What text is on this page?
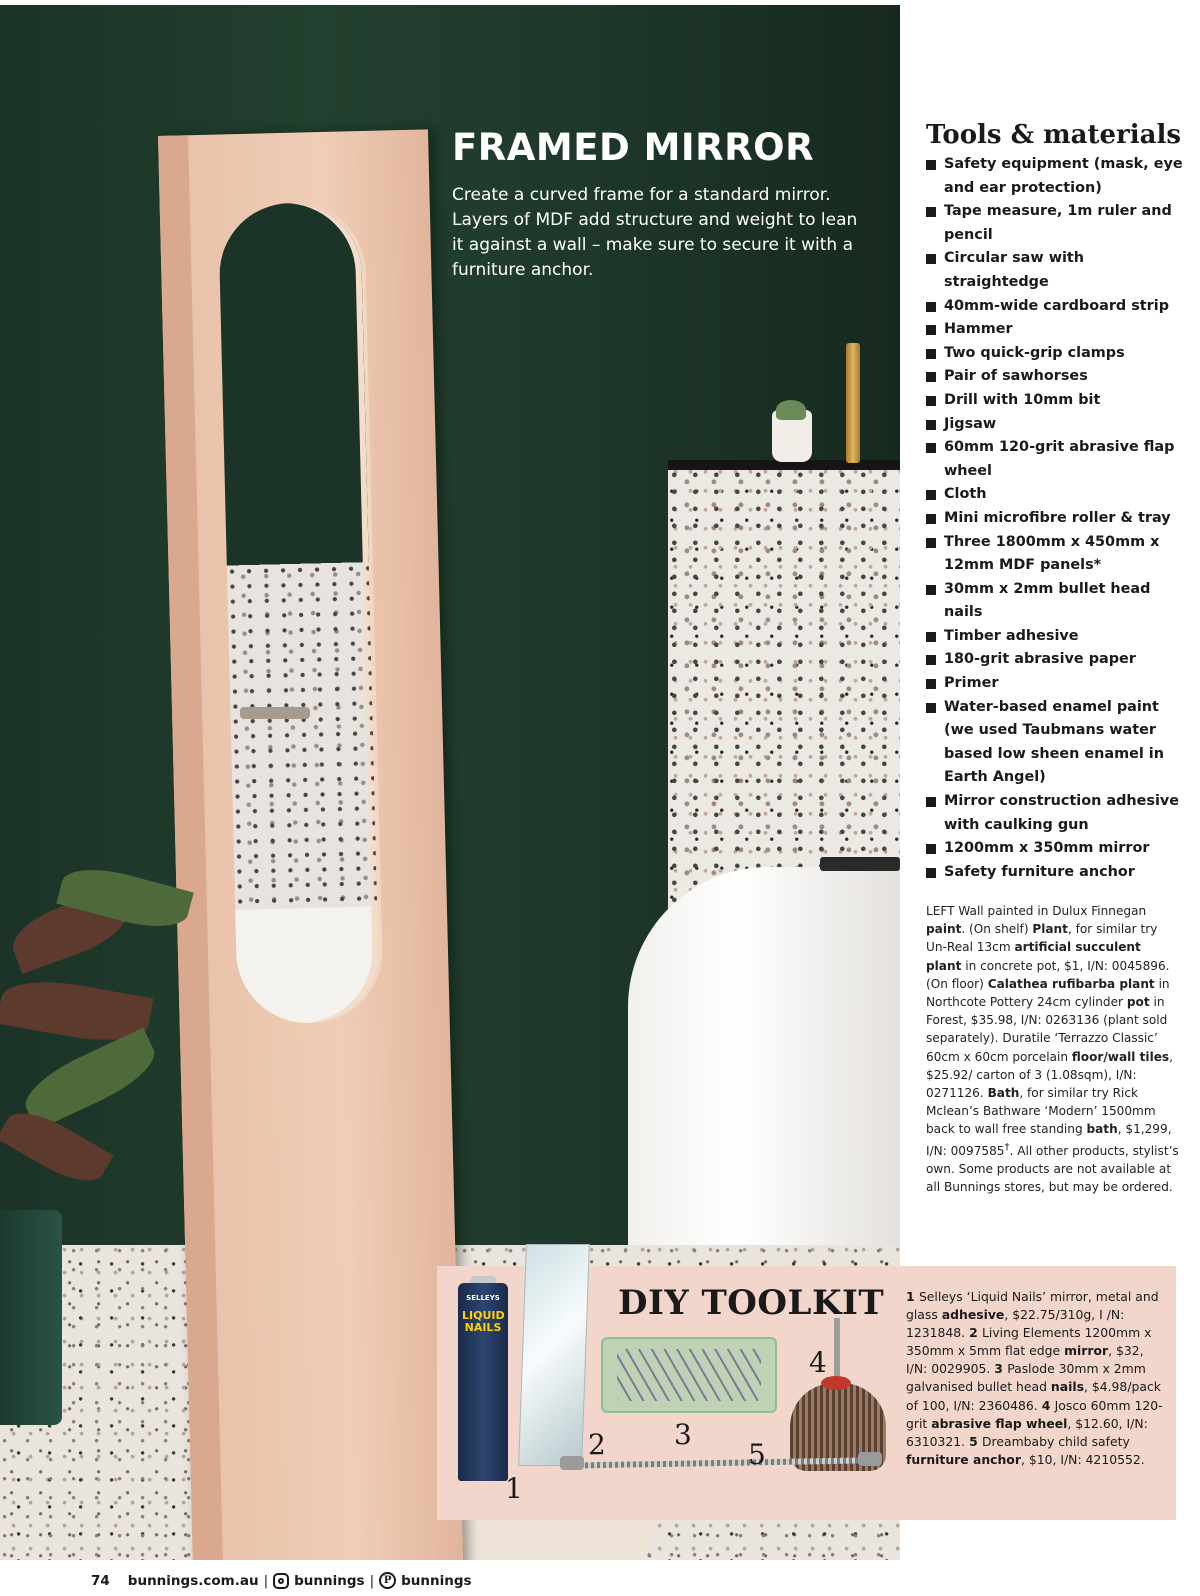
FRAMED MIRROR

Create a curved frame for a standard mirror. Layers of MDF add structure and weight to lean it against a wall – make sure to secure it with a furniture anchor.

Tools & materials
Safety equipment (mask, eye and ear protection)
Tape measure, 1m ruler and pencil
Circular saw with straightedge
40mm-wide cardboard strip
Hammer
Two quick-grip clamps
Pair of sawhorses
Drill with 10mm bit
Jigsaw
60mm 120-grit abrasive flap wheel
Cloth
Mini microfibre roller & tray
Three 1800mm x 450mm x 12mm MDF panels*
30mm x 2mm bullet head nails
Timber adhesive
180-grit abrasive paper
Primer
Water-based enamel paint (we used Taubmans water based low sheen enamel in Earth Angel)
Mirror construction adhesive with caulking gun
1200mm x 350mm mirror
Safety furniture anchor

LEFT Wall painted in Dulux Finnegan paint. (On shelf) Plant, for similar try Un-Real 13cm artificial succulent plant in concrete pot, $1, I/N: 0045896. (On floor) Calathea rufibarba plant in Northcote Pottery 24cm cylinder pot in Forest, $35.98, I/N: 0263136 (plant sold separately). Duratile ‘Terrazzo Classic’ 60cm x 60cm porcelain floor/wall tiles, $25.92/ carton of 3 (1.08sqm), I/N: 0271126. Bath, for similar try Rick Mclean’s Bathware ‘Modern’ 1500mm back to wall free standing bath, $1,299, I/N: 0097585†. All other products, stylist’s own. Some products are not available at all Bunnings stores, but may be ordered.

SELLEYS
LIQUID NAILS
DIY TOOLKIT
1
2 3
4
5

1 Selleys ‘Liquid Nails’ mirror, metal and glass adhesive, $22.75/310g, I /N: 1231848. 2 Living Elements 1200mm x 350mm x 5mm flat edge mirror, $32, I/N: 0029905. 3 Paslode 30mm x 2mm galvanised bullet head nails, $4.98/pack of 100, I/N: 2360486. 4 Josco 60mm 120-grit abrasive flap wheel, $12.60, I/N: 6310321. 5 Dreambaby child safety furniture anchor, $10, I/N: 4210552.

74 bunnings.com.au | bunnings | P bunnings
